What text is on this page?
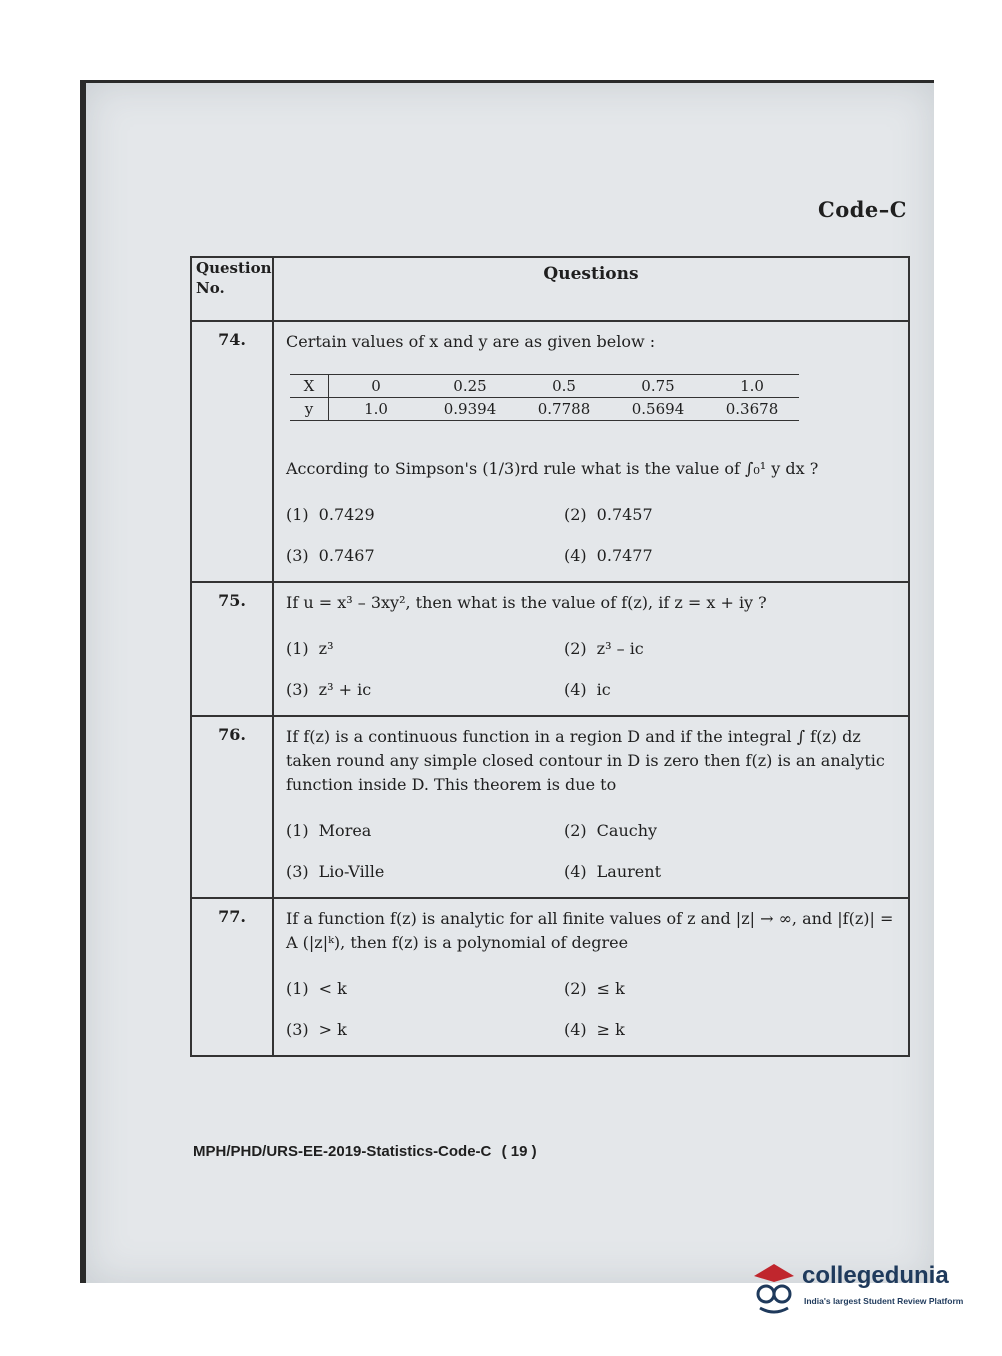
Code–C
Question No.	Questions
74.	Certain values of x and y are as given below :

X	0	0.25	0.5	0.75	1.0
y	1.0	0.9394	0.7788	0.5694	0.3678

According to Simpson's (1/3)rd rule what is the value of ∫₀¹ y dx ?

(1) 0.7429	(2) 0.7457
(3) 0.7467	(4) 0.7477

75.	If u = x³ – 3xy², then what is the value of f(z), if z = x + iy ?

(1) z³	(2) z³ – ic
(3) z³ + ic	(4) ic

76.	If f(z) is a continuous function in a region D and if the integral ∫ f(z) dz taken round any simple closed contour in D is zero then f(z) is an analytic function inside D. This theorem is due to

(1) Morea	(2) Cauchy
(3) Lio-Ville	(4) Laurent

77.	If a function f(z) is analytic for all finite values of z and |z| → ∞, and |f(z)| = A (|z|ᵏ), then f(z) is a polynomial of degree

(1) < k	(2) ≤ k
(3) > k	(4) ≥ k
MPH/PHD/URS-EE-2019-Statistics-Code-C ( 19 )
collegedunia
India's largest Student Review Platform
